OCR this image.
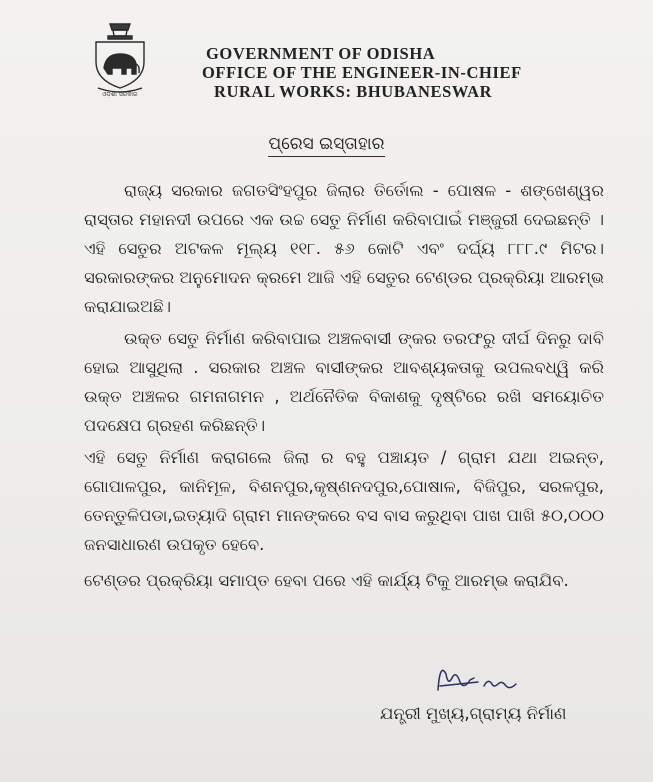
ଓଡ଼ିଶା ସରକାର
GOVERNMENT OF ODISHA
OFFICE OF THE ENGINEER-IN-CHIEF
RURAL WORKS: BHUBANESWAR
ପ୍ରେସ ଇସ୍ତାହାର
ରାଜ୍ୟ ସରକାର ଜଗତସିଂହପୁର ଜିଲାର ତିର୍ତୋଲ - ପୋଷଳ - ଶଙ୍ଖେଶ୍ୱର ରାସ୍ତାର ମହାନଦୀ ଉପରେ ଏକ ଉଚ୍ଚ ସେତୁ ନିର୍ମାଣ କରିବାପାଇଁ ମଞ୍ଜୁରୀ ଦେଇଛନ୍ତି । ଏହି ସେତୁର ଅଟକଳ ମୂଲ୍ୟ ୧୧୮. ୫୬ କୋଟି ଏବଂ ଦର୍ଘ୍ୟ ୮୮୮.୯ ମିଟର। ସରକାରଙ୍କର ଅନୁମୋଦନ କ୍ରମେ ଆଜି ଏହି ସେତୁର ଟେଣ୍ଡର ପ୍ରକ୍ରିୟା ଆରମ୍ଭ କରାଯାଇଅଛି।
ଉକ୍ତ ସେତୁ ନିର୍ମାଣ କରିବାପାଇ ଅଞ୍ଚଳବାସୀ ଙ୍କର ତରଫରୁ ଦୀର୍ଘ ଦିନରୁ ଦାବି ହୋଇ ଆସୁଥିଲା . ସରକାର ଅଞ୍ଚଳ ବାସୀଙ୍କର ଆବଶ୍ୟକତାକୁ ଉପଲବଧ୍ୱି କରି ଉକ୍ତ ଅଞ୍ଚଳର ଗମନାଗମନ , ଅର୍ଥନୈତିକ ବିକାଶକୁ ଦୃଷ୍ଟିରେ ରଖି ସମୟୋଚିତ ପଦକ୍ଷେପ ଗ୍ରହଣ କରିଛନ୍ତି।
ଏହି ସେତୁ ନିର୍ମାଣ କରାଗଲେ ଜିଲା ର ବହୁ ପଞ୍ଚାୟତ / ଗ୍ରାମ ଯଥା ଅଇନ୍ତ, ଗୋପାଳପୁର, କାନିମୂଳ, ବିଶନପୁର,କୃଷ୍ଣନଦପୁର,ପୋଷାଳ, ବିଜିପୁର, ସରଳପୁର, ତେନ୍ତୁଳିପଡା,ଇତ୍ୟାଦି ଗ୍ରାମ ମାନଙ୍କରେ ବସ ବାସ କରୁଥିବା ପାଖ ପାଖି ୫୦,୦୦୦ ଜନସାଧାରଣ ଉପକୃତ ହେବେ.
ଟେଣ୍ଡର ପ୍ରକ୍ରିୟା ସମାପ୍ତ ହେବା ପରେ ଏହି କାର୍ଯ୍ୟ ଟିକୁ ଆରମ୍ଭ କରାଯିବ.
ଯନ୍ତ୍ରୀ ମୁଖ୍ୟ,ଗ୍ରାମ୍ୟ ନିର୍ମାଣ
